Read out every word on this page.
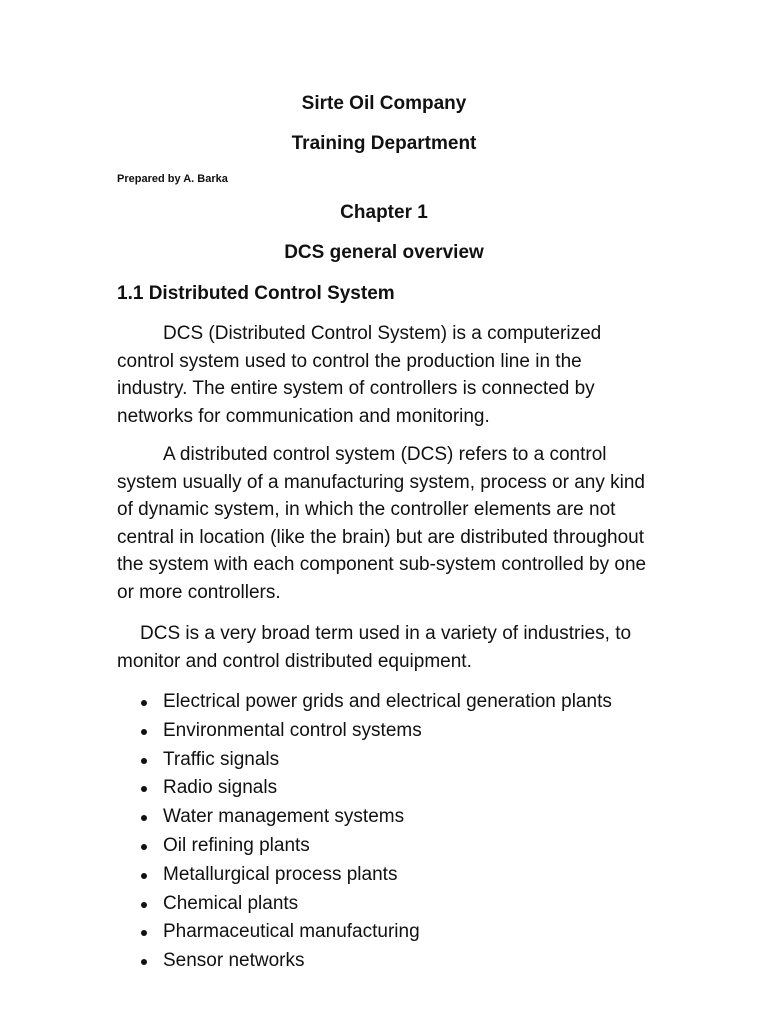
Sirte Oil Company

Training Department

Prepared by A. Barka

Chapter 1

DCS general overview

1.1 Distributed Control System

DCS (Distributed Control System) is a computerized control system used to control the production line in the industry. The entire system of controllers is connected by networks for communication and monitoring.

A distributed control system (DCS) refers to a control system usually of a manufacturing system, process or any kind of dynamic system, in which the controller elements are not central in location (like the brain) but are distributed throughout the system with each component sub-system controlled by one or more controllers.

DCS is a very broad term used in a variety of industries, to monitor and control distributed equipment.

Electrical power grids and electrical generation plants
Environmental control systems
Traffic signals
Radio signals
Water management systems
Oil refining plants
Metallurgical process plants
Chemical plants
Pharmaceutical manufacturing
Sensor networks
